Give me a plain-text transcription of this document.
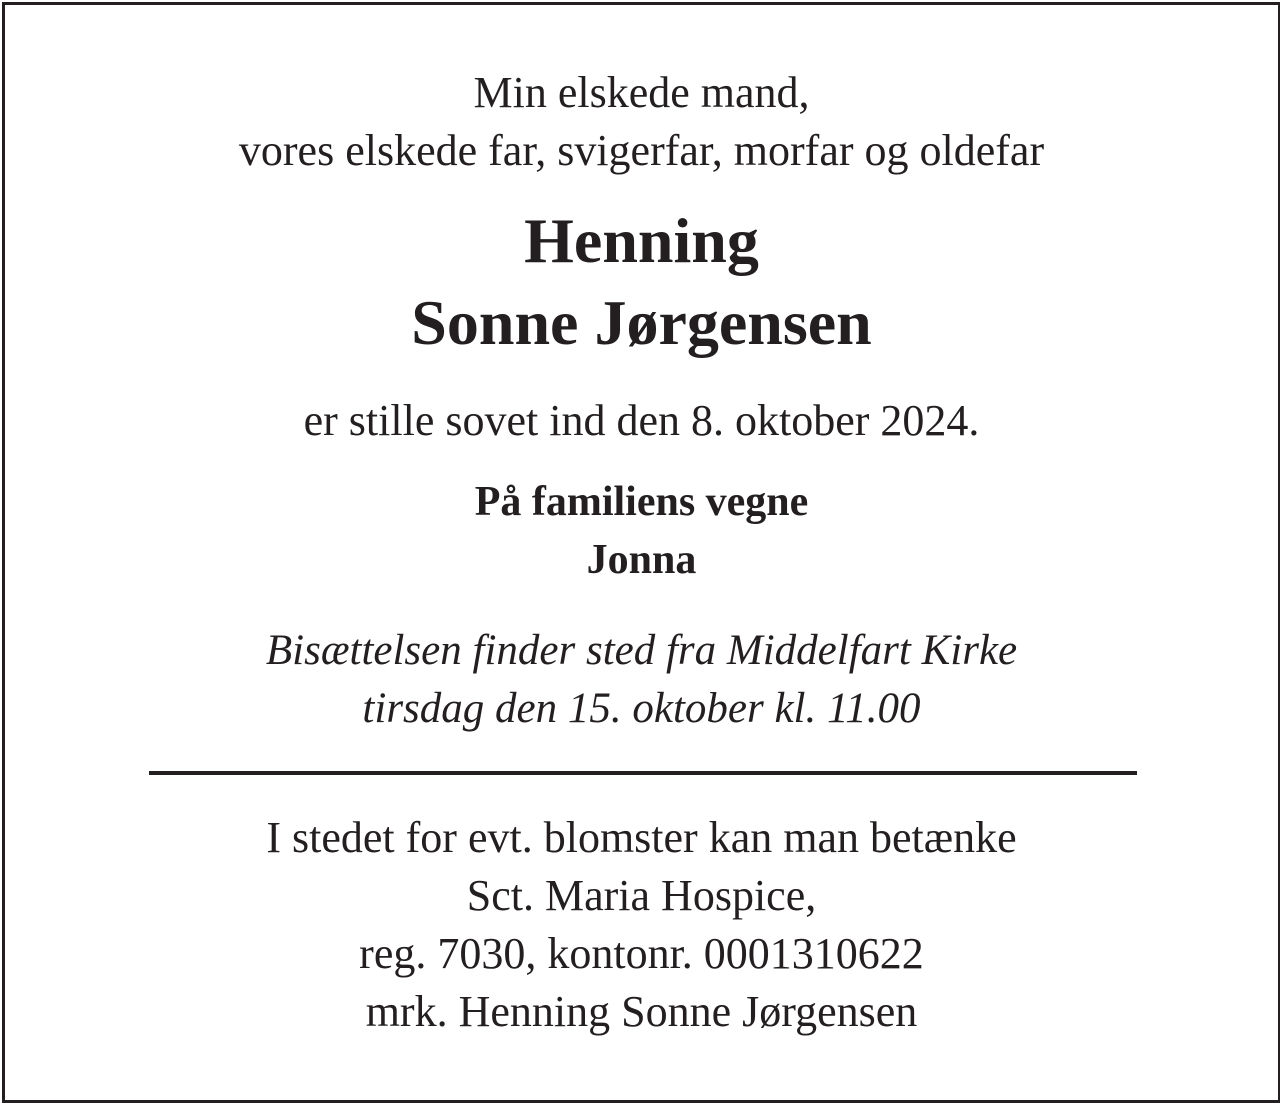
Min elskede mand,
vores elskede far, svigerfar, morfar og oldefar
Henning
Sonne Jørgensen
er stille sovet ind den 8. oktober 2024.
På familiens vegne
Jonna
Bisættelsen finder sted fra Middelfart Kirke
tirsdag den 15. oktober kl. 11.00
I stedet for evt. blomster kan man betænke
Sct. Maria Hospice,
reg. 7030, kontonr. 0001310622
mrk. Henning Sonne Jørgensen
